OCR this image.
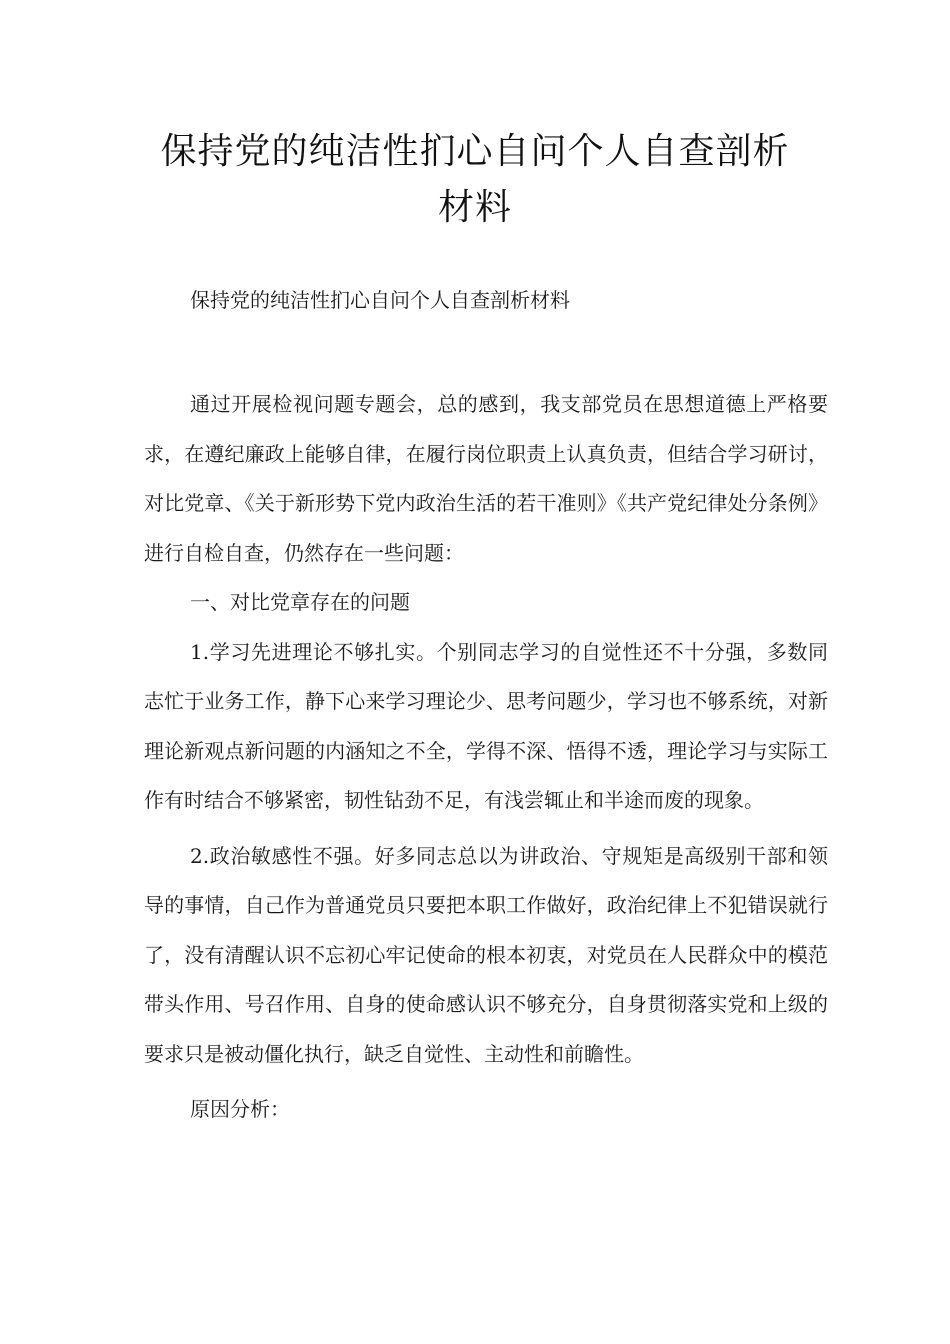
保持党的纯洁性扪心自问个人自查剖析
材料
保持党的纯洁性扪心自问个人自查剖析材料

通过开展检视问题专题会，总的感到，我支部党员在思想道德上严格要求，在遵纪廉政上能够自律，在履行岗位职责上认真负责，但结合学习研讨，对比党章、《关于新形势下党内政治生活的若干准则》《共产党纪律处分条例》进行自检自查，仍然存在一些问题：

一、对比党章存在的问题

1.学习先进理论不够扎实。个别同志学习的自觉性还不十分强，多数同志忙于业务工作，静下心来学习理论少、思考问题少，学习也不够系统，对新理论新观点新问题的内涵知之不全，学得不深、悟得不透，理论学习与实际工作有时结合不够紧密，韧性钻劲不足，有浅尝辄止和半途而废的现象。

2.政治敏感性不强。好多同志总以为讲政治、守规矩是高级别干部和领导的事情，自己作为普通党员只要把本职工作做好，政治纪律上不犯错误就行了，没有清醒认识不忘初心牢记使命的根本初衷，对党员在人民群众中的模范带头作用、号召作用、自身的使命感认识不够充分，自身贯彻落实党和上级的要求只是被动僵化执行，缺乏自觉性、主动性和前瞻性。

原因分析：
